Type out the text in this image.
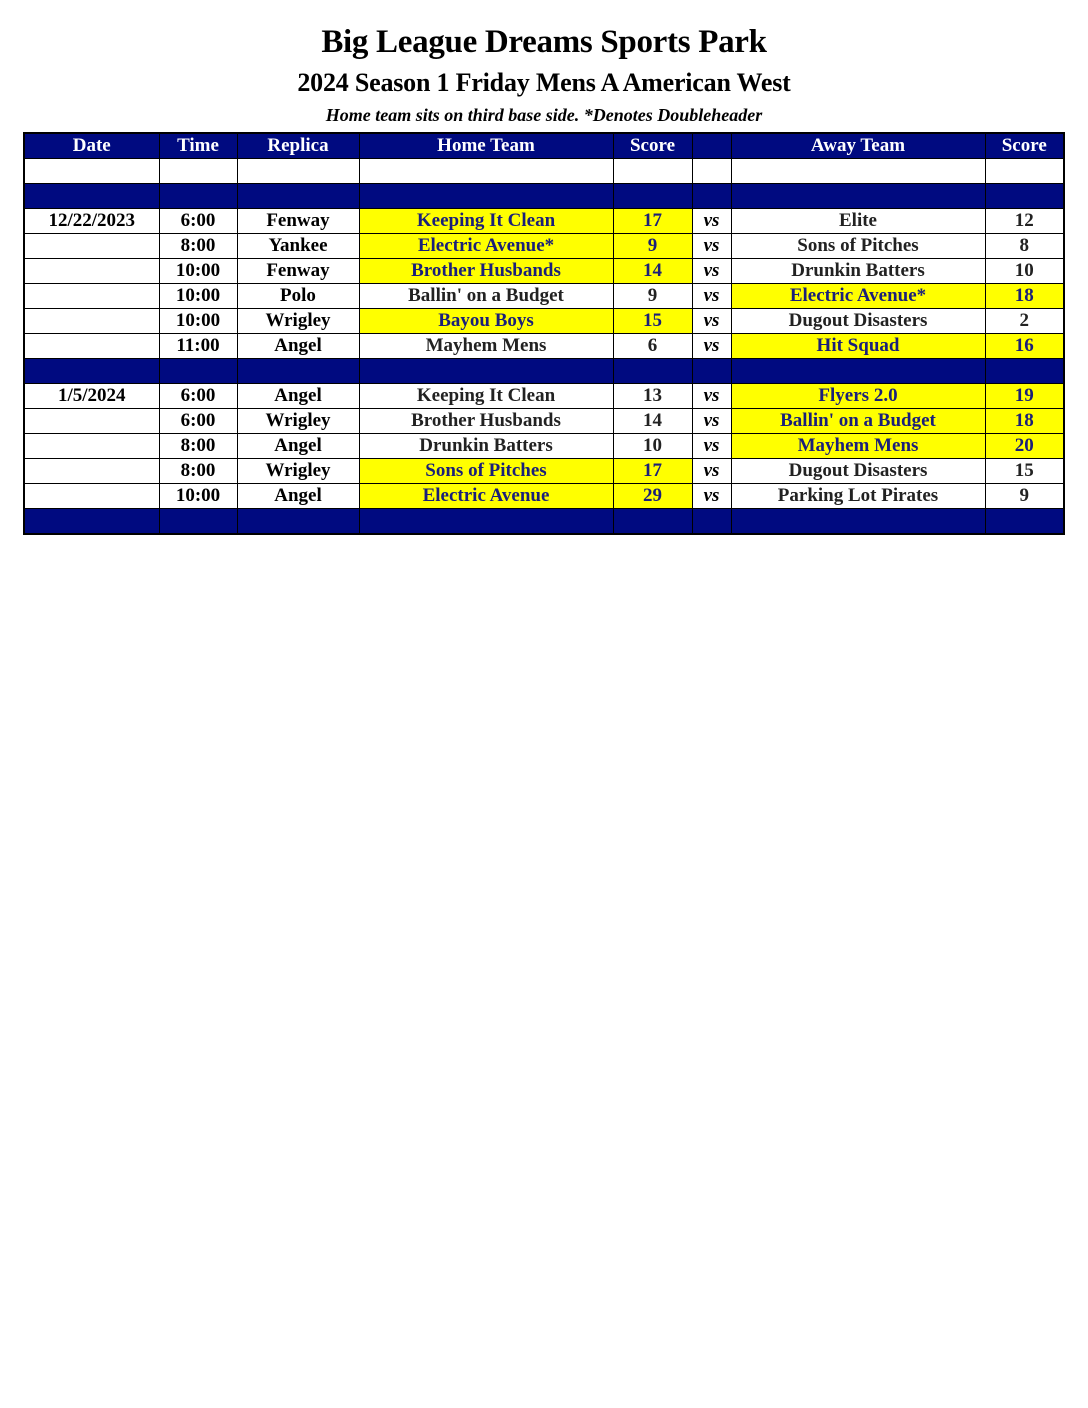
Big League Dreams Sports Park
2024 Season 1 Friday Mens A American West
Home team sits on third base side. *Denotes Doubleheader
Date	Time	Replica	Home Team	Score		Away Team	Score

12/22/2023	6:00	Fenway	Keeping It Clean	17	vs	Elite	12
	8:00	Yankee	Electric Avenue*	9	vs	Sons of Pitches	8
	10:00	Fenway	Brother Husbands	14	vs	Drunkin Batters	10
	10:00	Polo	Ballin' on a Budget	9	vs	Electric Avenue*	18
	10:00	Wrigley	Bayou Boys	15	vs	Dugout Disasters	2
	11:00	Angel	Mayhem Mens	6	vs	Hit Squad	16

1/5/2024	6:00	Angel	Keeping It Clean	13	vs	Flyers 2.0	19
	6:00	Wrigley	Brother Husbands	14	vs	Ballin' on a Budget	18
	8:00	Angel	Drunkin Batters	10	vs	Mayhem Mens	20
	8:00	Wrigley	Sons of Pitches	17	vs	Dugout Disasters	15
	10:00	Angel	Electric Avenue	29	vs	Parking Lot Pirates	9
